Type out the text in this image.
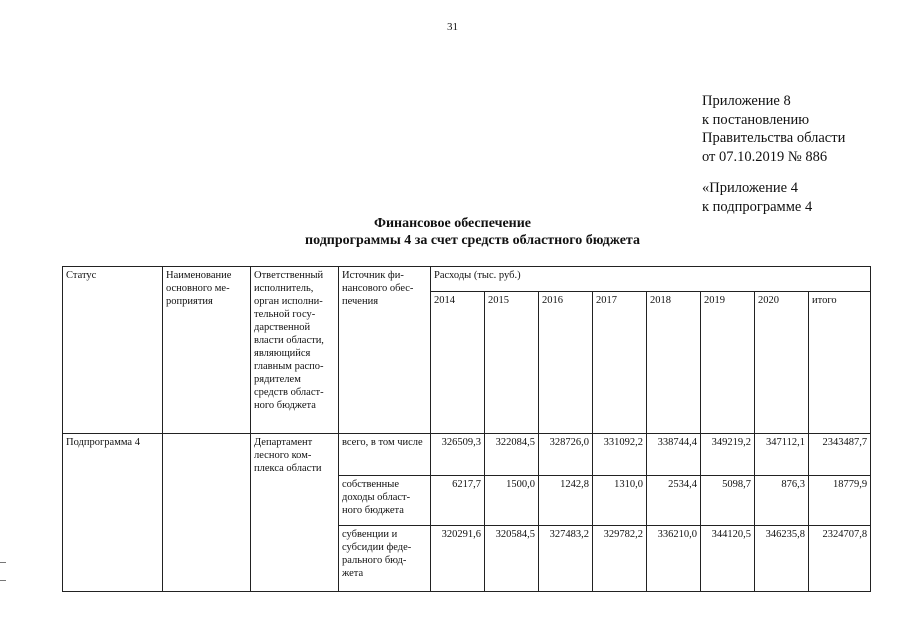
31
Приложение 8
к постановлению
Правительства области
от 07.10.2019 № 886
«Приложение 4
к подпрограмме 4
Финансовое обеспечение
подпрограммы 4 за счет средств областного бюджета
Статус	Наименование основного ме-роприятия	Ответственный исполнитель, орган исполни-тельной госу-дарственной власти области, являющийся главным распо-рядителем средств област-ного бюджета	Источник фи-нансового обес-печения	Расходы (тыс. руб.)							
				2014	2015	2016	2017	2018	2019	2020	итого
Подпрограмма 4		Департамент лесного ком-плекса области	всего, в том числе	326509,3	322084,5	328726,0	331092,2	338744,4	349219,2	347112,1	2343487,7
			собственные доходы област-ного бюджета	6217,7	1500,0	1242,8	1310,0	2534,4	5098,7	876,3	18779,9
			субвенции и субсидии феде-рального бюд-жета	320291,6	320584,5	327483,2	329782,2	336210,0	344120,5	346235,8	2324707,8
